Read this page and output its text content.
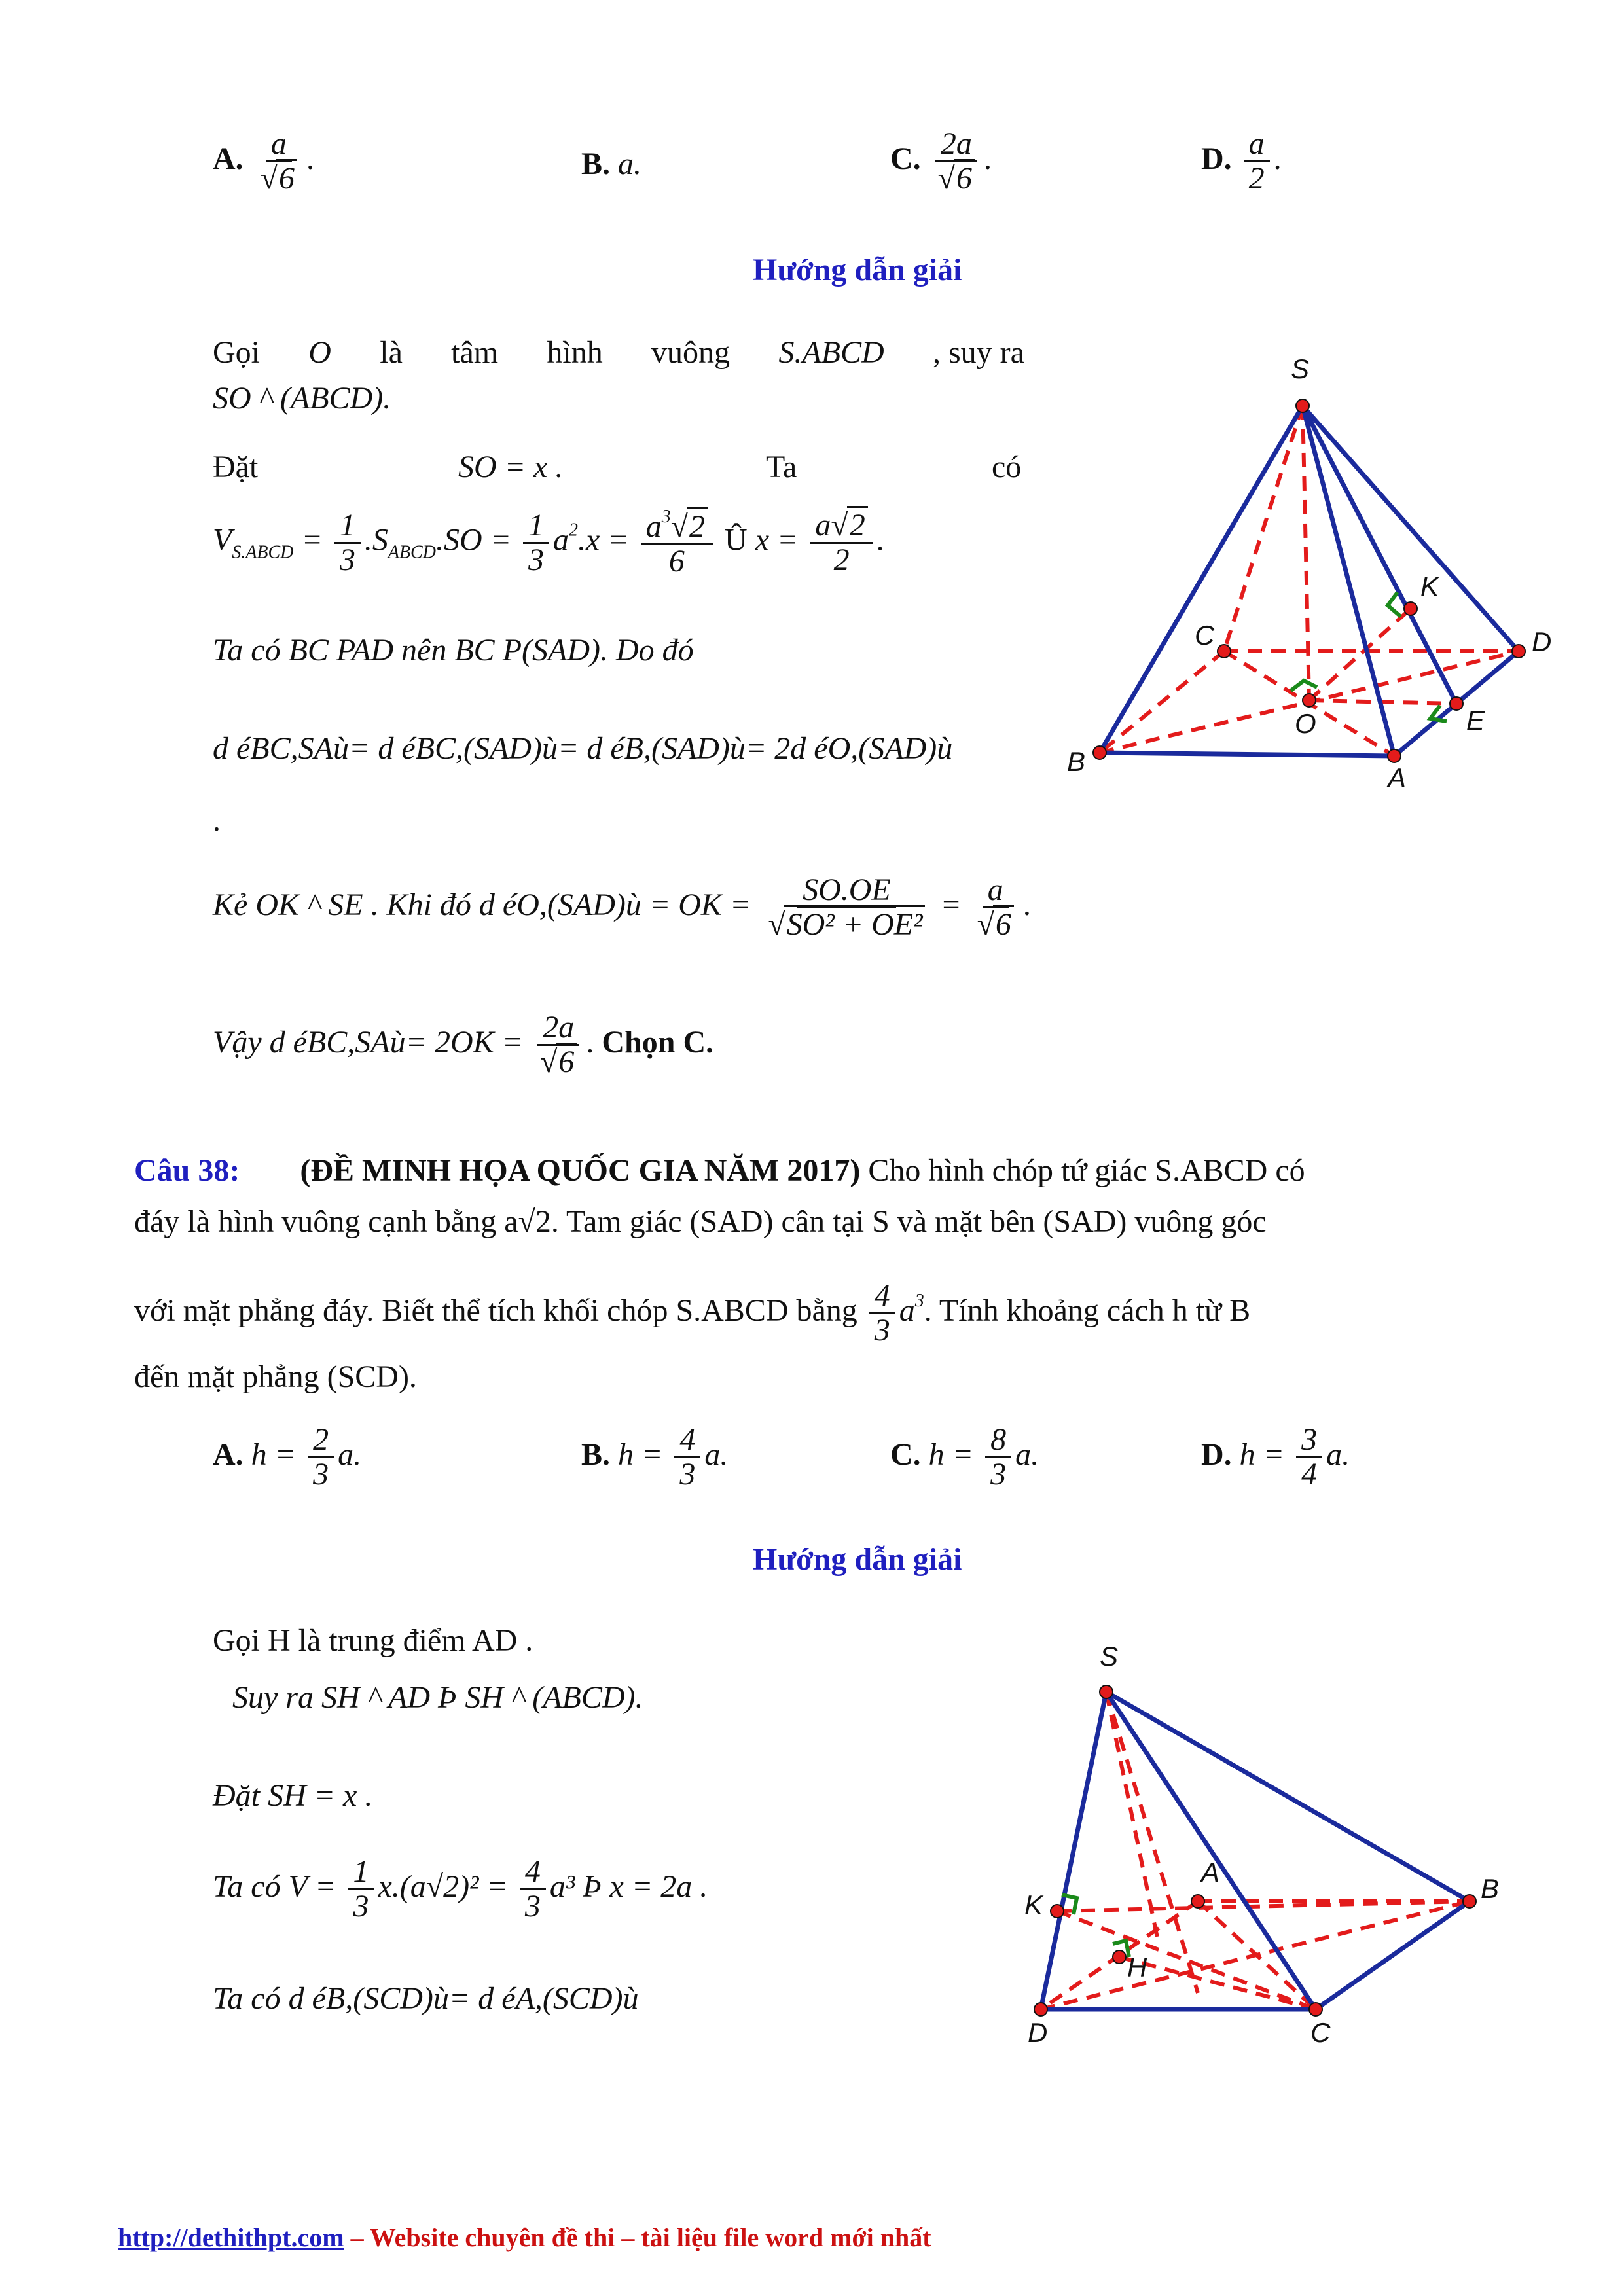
A. $\frac{a}{√6}$ .	B. a.	C. $\frac{2a}{√6}$ .	D. $\frac{a}{2}$ .
Hướng dẫn giải
Gọi O là tâm hình vuông S.ABCD , suy ra
SO ^ (ABCD).
Đặt	SO = x .	Ta	có
$V_{S.ABCD} = \frac{1}{3} .S_{ABCD}.SO = \frac{1}{3} a^2.x = \frac{a^3√2}{6}$ Û $x = \frac{a√2}{2}$ .
Ta có BC PAD nên BC P(SAD). Do đó
d éBC,SAù= d éBC,(SAD)ù= d éB,(SAD)ù= 2d éO,(SAD)ù
.
Kẻ OK ^ SE . Khi đó d éO,(SAD)ù = OK = $\frac{SO.OE}{\text{√SO² + OE²}} = \frac{a}{√6}$ .
Vậy d éBC,SAù= $2OK = \frac{2a}{√6}$ . Chọn C.
S
K
C	D
O	E
B
A
Câu 38: (ĐỀ MINH HỌA QUỐC GIA NĂM 2017) Cho hình chóp tứ giác S.ABCD có
đáy là hình vuông cạnh bằng a√2. Tam giác (SAD) cân tại S và mặt bên (SAD) vuông góc
với mặt phẳng đáy. Biết thể tích khối chóp S.ABCD bằng $\frac{4}{3} a^3$. Tính khoảng cách h từ B
đến mặt phẳng (SCD).
A. $h = \frac{2}{3} a$.	B. $h = \frac{4}{3} a$.	C. $h = \frac{8}{3} a$.	D. $h = \frac{3}{4} a$.
Hướng dẫn giải
Gọi H là trung điểm AD .
Suy ra SH ^ AD Þ SH ^ (ABCD).
Đặt SH = x .
Ta có $V = \frac{1}{3} x.(a√2)^2 = \frac{4}{3} a^3$ Þ x = 2a .
Ta có d éB,(SCD)ù= d éA,(SCD)ù
S
A
B
K
H
D	C
http://dethithpt.com – Website chuyên đề thi – tài liệu file word mới nhất
